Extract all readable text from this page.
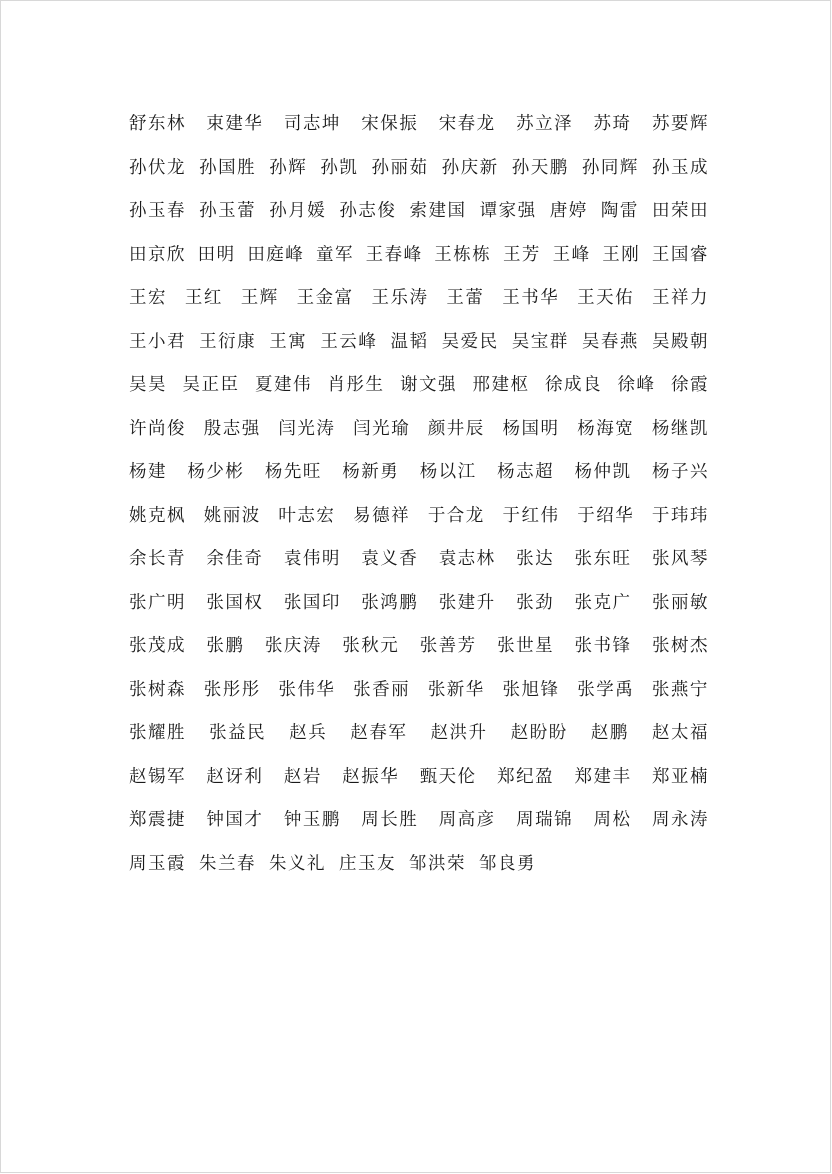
舒东林 束建华 司志坤 宋保振 宋春龙 苏立泽 苏琦 苏要辉
孙伏龙 孙国胜 孙辉 孙凯 孙丽茹 孙庆新 孙天鹏 孙同辉 孙玉成
孙玉春 孙玉蕾 孙月媛 孙志俊 索建国 谭家强 唐婷 陶雷 田荣田
田京欣 田明 田庭峰 童军 王春峰 王栋栋 王芳 王峰 王刚 王国睿
王宏 王红 王辉 王金富 王乐涛 王蕾 王书华 王天佑 王祥力
王小君 王衍康 王寓 王云峰 温韬 吴爱民 吴宝群 吴春燕 吴殿朝
吴昊 吴正臣 夏建伟 肖彤生 谢文强 邢建枢 徐成良 徐峰 徐霞
许尚俊 殷志强 闫光涛 闫光瑜 颜井辰 杨国明 杨海宽 杨继凯
杨建 杨少彬 杨先旺 杨新勇 杨以江 杨志超 杨仲凯 杨子兴
姚克枫 姚丽波 叶志宏 易德祥 于合龙 于红伟 于绍华 于玮玮
余长青 余佳奇 袁伟明 袁义香 袁志林 张达 张东旺 张风琴
张广明 张国权 张国印 张鸿鹏 张建升 张劲 张克广 张丽敏
张茂成 张鹏 张庆涛 张秋元 张善芳 张世星 张书锋 张树杰
张树森 张彤彤 张伟华 张香丽 张新华 张旭锋 张学禹 张燕宁
张耀胜 张益民 赵兵 赵春军 赵洪升 赵盼盼 赵鹏 赵太福
赵锡军 赵讶利 赵岩 赵振华 甄天伦 郑纪盈 郑建丰 郑亚楠
郑震捷 钟国才 钟玉鹏 周长胜 周高彦 周瑞锦 周松 周永涛
周玉霞 朱兰春 朱义礼 庄玉友 邹洪荣 邹良勇
